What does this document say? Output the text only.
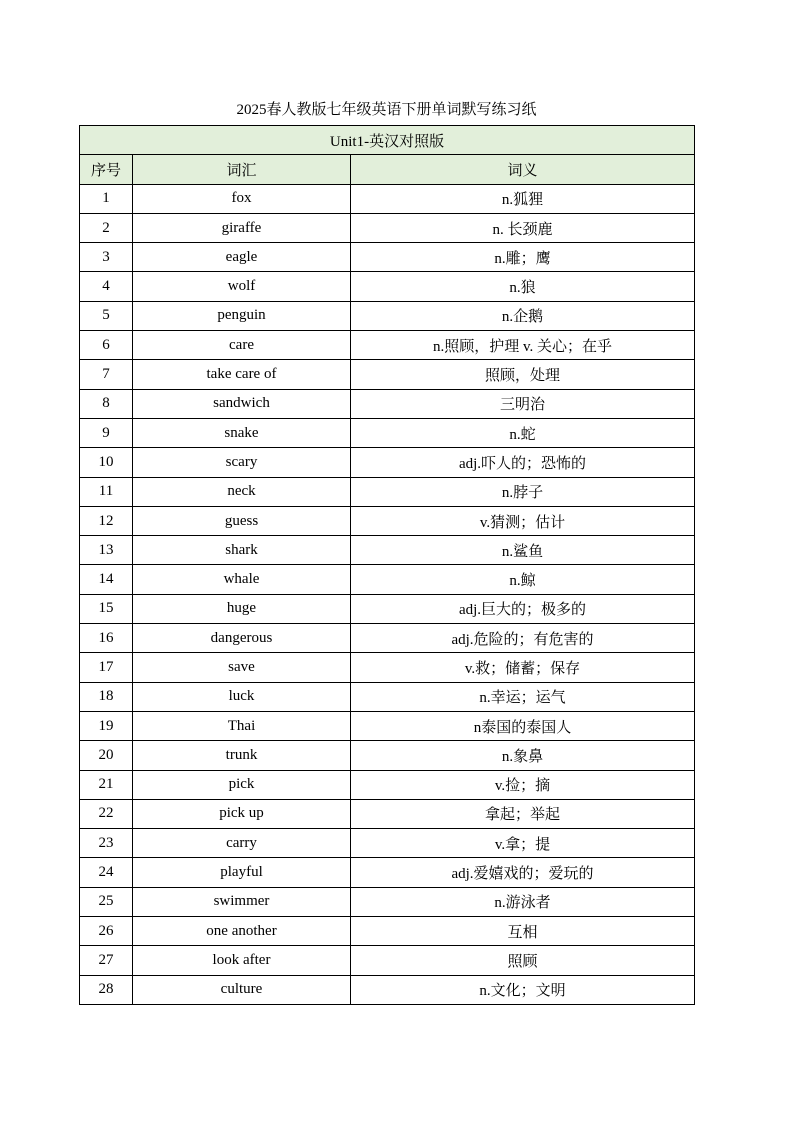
2025春人教版七年级英语下册单词默写练习纸
Unit1-英汉对照版		
序号	词汇	词义
1	fox	n.狐狸
2	giraffe	n. 长颈鹿
3	eagle	n.雕；鹰
4	wolf	n.狼
5	penguin	n.企鹅
6	care	n.照顾，护理 v. 关心；在乎
7	take care of	照顾，处理
8	sandwich	三明治
9	snake	n.蛇
10	scary	adj.吓人的；恐怖的
11	neck	n.脖子
12	guess	v.猜测；估计
13	shark	n.鲨鱼
14	whale	n.鲸
15	huge	adj.巨大的；极多的
16	dangerous	adj.危险的；有危害的
17	save	v.救；储蓄；保存
18	luck	n.幸运；运气
19	Thai	n泰国的泰国人
20	trunk	n.象鼻
21	pick	v.捡；摘
22	pick up	拿起；举起
23	carry	v.拿；提
24	playful	adj.爱嬉戏的；爱玩的
25	swimmer	n.游泳者
26	one another	互相
27	look after	照顾
28	culture	n.文化；文明
